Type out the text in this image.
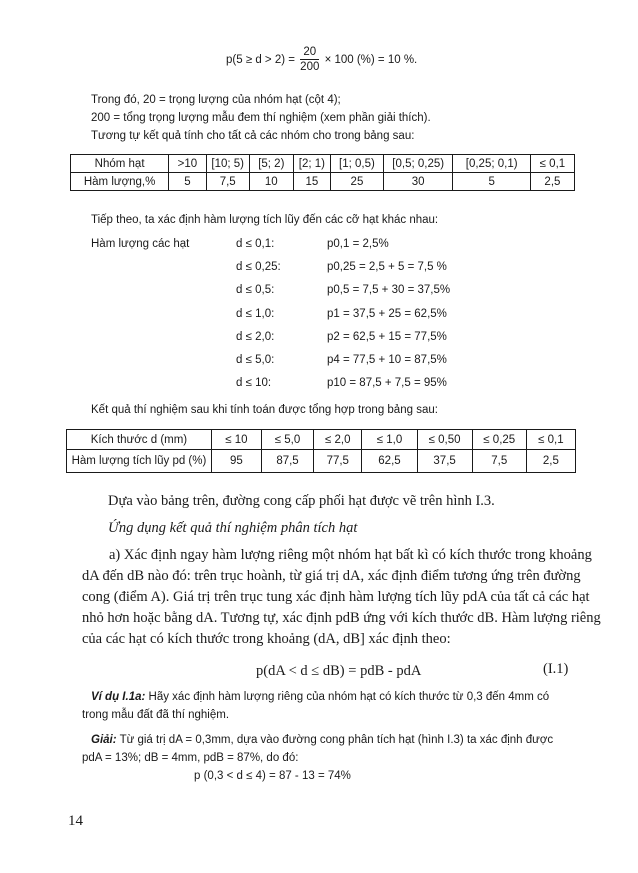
$p(5 \ge d > 2) = \frac{20}{200} \times 100$ (%) = 10 %.
Trong đó, 20 = trọng lượng của nhóm hạt (cột 4);
200 = tổng trọng lượng mẫu đem thí nghiệm (xem phần giải thích).
Tương tự kết quả tính cho tất cả các nhóm cho trong bảng sau:
Nhóm hạt	>10	[10; 5)	[5; 2)	[2; 1)	[1; 0,5)	[0,5; 0,25)	[0,25; 0,1)	≤ 0,1
Hàm lượng,%	5	7,5	10	15	25	30	5	2,5
Tiếp theo, ta xác định hàm lượng tích lũy đến các cỡ hạt khác nhau:
Hàm lượng các hạt	d ≤ 0,1:	p0,1 = 2,5%
d ≤ 0,25:	p0,25 = 2,5 + 5 = 7,5 %
d ≤ 0,5:	p0,5 = 7,5 + 30 = 37,5%
d ≤ 1,0:	p1 = 37,5 + 25 = 62,5%
d ≤ 2,0:	p2 = 62,5 + 15 = 77,5%
d ≤ 5,0:	p4 = 77,5 + 10 = 87,5%
d ≤ 10:	p10 = 87,5 + 7,5 = 95%
Kết quả thí nghiệm sau khi tính toán được tổng hợp trong bảng sau:
Kích thước d (mm)	≤ 10	≤ 5,0	≤ 2,0	≤ 1,0	≤ 0,50	≤ 0,25	≤ 0,1
Hàm lượng tích lũy pd (%)	95	87,5	77,5	62,5	37,5	7,5	2,5
Dựa vào bảng trên, đường cong cấp phối hạt được vẽ trên hình I.3.
Ứng dụng kết quả thí nghiệm phân tích hạt
a) Xác định ngay hàm lượng riêng một nhóm hạt bất kì có kích thước trong khoảng
dA đến dB nào đó: trên trục hoành, từ giá trị dA, xác định điểm tương ứng trên đường
cong (điểm A). Giá trị trên trục tung xác định hàm lượng tích lũy pdA của tất cả các hạt
nhỏ hơn hoặc bằng dA. Tương tự, xác định pdB ứng với kích thước dB. Hàm lượng riêng
của các hạt có kích thước trong khoảng (dA, dB] xác định theo:
p(dA < d ≤ dB) = pdB - pdA	(I.1)
Ví dụ I.1a: Hãy xác định hàm lượng riêng của nhóm hạt có kích thước từ 0,3 đến 4mm có
trong mẫu đất đã thí nghiệm.
Giải: Từ giá trị dA = 0,3mm, dựa vào đường cong phân tích hạt (hình I.3) ta xác định được
pdA = 13%; dB = 4mm, pdB = 87%, do đó:
p (0,3 < d ≤ 4) = 87 - 13 = 74%
14
